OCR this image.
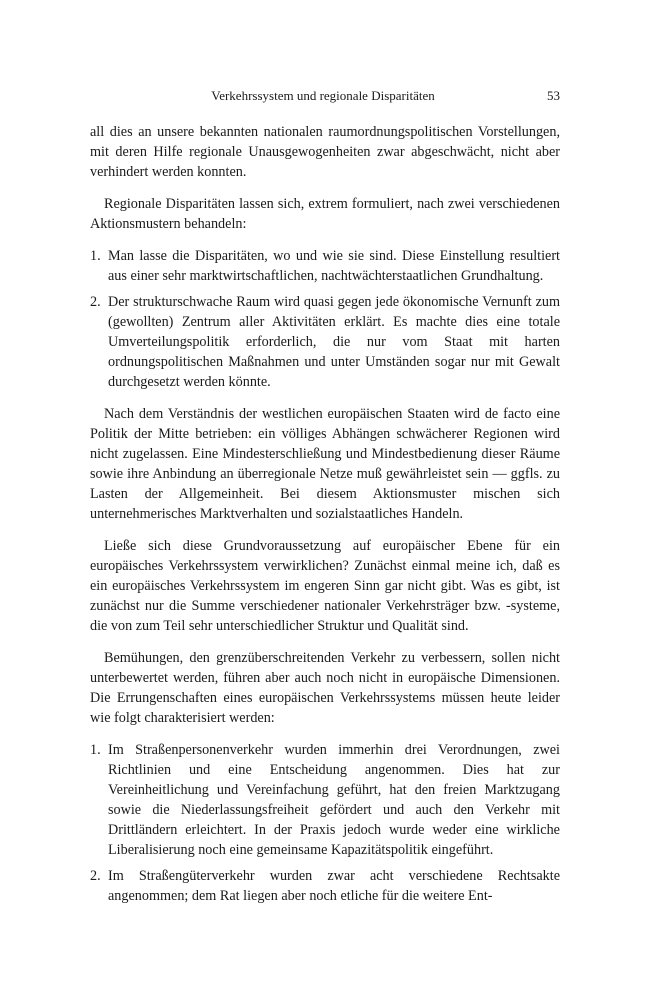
Verkehrssystem und regionale Disparitäten	53

all dies an unsere bekannten nationalen raumordnungspolitischen Vorstellungen, mit deren Hilfe regionale Unausgewogenheiten zwar abgeschwächt, nicht aber verhindert werden konnten.

Regionale Disparitäten lassen sich, extrem formuliert, nach zwei verschiedenen Aktionsmustern behandeln:

1. Man lasse die Disparitäten, wo und wie sie sind. Diese Einstellung resultiert aus einer sehr marktwirtschaftlichen, nachtwächterstaatlichen Grundhaltung.
2. Der strukturschwache Raum wird quasi gegen jede ökonomische Vernunft zum (gewollten) Zentrum aller Aktivitäten erklärt. Es machte dies eine totale Umverteilungspolitik erforderlich, die nur vom Staat mit harten ordnungspolitischen Maßnahmen und unter Umständen sogar nur mit Gewalt durchgesetzt werden könnte.

Nach dem Verständnis der westlichen europäischen Staaten wird de facto eine Politik der Mitte betrieben: ein völliges Abhängen schwächerer Regionen wird nicht zugelassen. Eine Mindesterschließung und Mindestbedienung dieser Räume sowie ihre Anbindung an überregionale Netze muß gewährleistet sein — ggfls. zu Lasten der Allgemeinheit. Bei diesem Aktionsmuster mischen sich unternehmerisches Marktverhalten und sozialstaatliches Handeln.

Ließe sich diese Grundvoraussetzung auf europäischer Ebene für ein europäisches Verkehrssystem verwirklichen? Zunächst einmal meine ich, daß es ein europäisches Verkehrssystem im engeren Sinn gar nicht gibt. Was es gibt, ist zunächst nur die Summe verschiedener nationaler Verkehrsträger bzw. -systeme, die von zum Teil sehr unterschiedlicher Struktur und Qualität sind.

Bemühungen, den grenzüberschreitenden Verkehr zu verbessern, sollen nicht unterbewertet werden, führen aber auch noch nicht in europäische Dimensionen. Die Errungenschaften eines europäischen Verkehrssystems müssen heute leider wie folgt charakterisiert werden:

1. Im Straßenpersonenverkehr wurden immerhin drei Verordnungen, zwei Richtlinien und eine Entscheidung angenommen. Dies hat zur Vereinheitlichung und Vereinfachung geführt, hat den freien Marktzugang sowie die Niederlassungsfreiheit gefördert und auch den Verkehr mit Drittländern erleichtert. In der Praxis jedoch wurde weder eine wirkliche Liberalisierung noch eine gemeinsame Kapazitätspolitik eingeführt.
2. Im Straßengüterverkehr wurden zwar acht verschiedene Rechtsakte angenommen; dem Rat liegen aber noch etliche für die weitere Ent-
